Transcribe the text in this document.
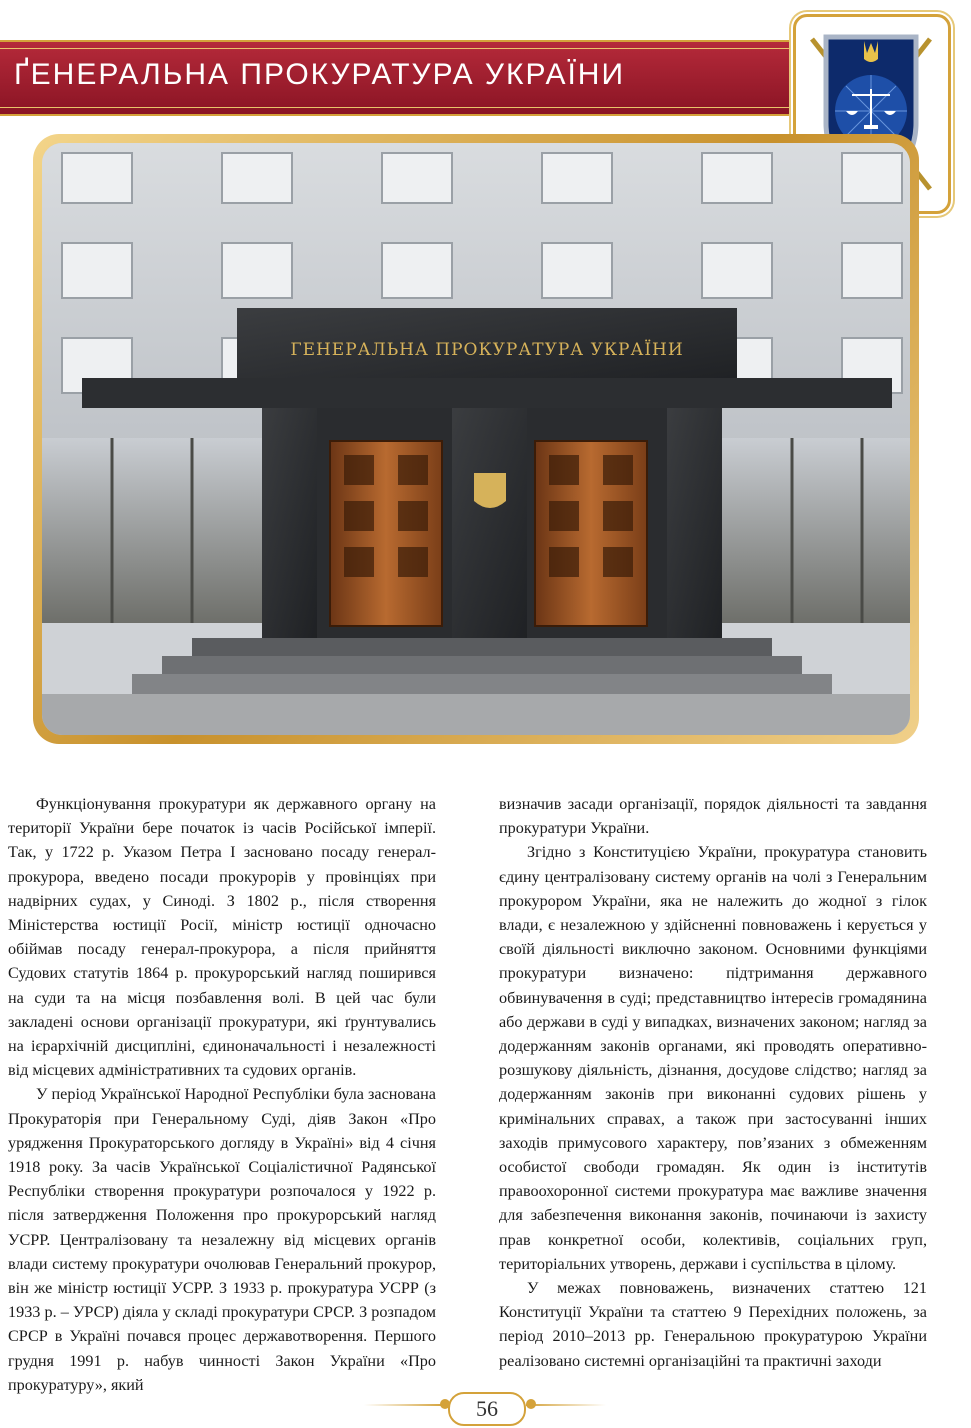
ҐЕНЕРАЛЬНА ПРОКУРАТУРА УКРАЇНИ
ГЕНЕРАЛЬНА ПРОКУРАТУРА УКРАЇНИ

Функціонування прокуратури як державного органу на території України бере початок із часів Російської імперії. Так, у 1722 р. Указом Петра І засновано посаду генерал-прокурора, введено посади прокурорів у провінціях при надвірних судах, у Синоді. З 1802 р., після створення Міністерства юстиції Росії, міністр юстиції одночасно обіймав посаду генерал-прокурора, а після прийняття Судових статутів 1864 р. прокурорський нагляд поширився на суди та на місця позбавлення волі. В цей час були закладені основи організації прокуратури, які ґрунтувались на ієрархічній дисципліні, єдиноначальності і незалежності від місцевих адміністративних та судових органів.

У період Української Народної Республіки була заснована Прокураторія при Генеральному Суді, діяв Закон «Про урядження Прокураторського догляду в Україні» від 4 січня 1918 року. За часів Української Соціалістичної Радянської Республіки створення прокуратури розпочалося у 1922 р. після затвердження Положення про прокурорський нагляд УСРР. Централізовану та незалежну від місцевих органів влади систему прокуратури очолював Генеральний прокурор, він же міністр юстиції УСРР. З 1933 р. прокуратура УСРР (з 1933 р. – УРСР) діяла у складі прокуратури СРСР. З розпадом СРСР в Україні почався процес державотворення. Першого грудня 1991 р. набув чинності Закон України «Про прокуратуру», який

визначив засади організації, порядок діяльності та завдання прокуратури України.

Згідно з Конституцією України, прокуратура становить єдину централізовану систему органів на чолі з Генеральним прокурором України, яка не належить до жодної з гілок влади, є незалежною у здійсненні повноважень і керується у своїй діяльності виключно законом. Основними функціями прокуратури визначено: підтримання державного обвинувачення в суді; представництво інтересів громадянина або держави в суді у випадках, визначених законом; нагляд за додержанням законів органами, які проводять оперативно-розшукову діяльність, дізнання, досудове слідство; нагляд за додержанням законів при виконанні судових рішень у кримінальних справах, а також при застосуванні інших заходів примусового характеру, пов’язаних з обмеженням особистої свободи громадян. Як один із інститутів правоохоронної системи прокуратура має важливе значення для забезпечення виконання законів, починаючи із захисту прав конкретної особи, колективів, соціальних груп, територіальних утворень, держави і суспільства в цілому.

У межах повноважень, визначених статтею 121 Конституції України та статтею 9 Перехідних положень, за період 2010–2013 рр. Генеральною прокуратурою України реалізовано системні організаційні та практичні заходи

56
